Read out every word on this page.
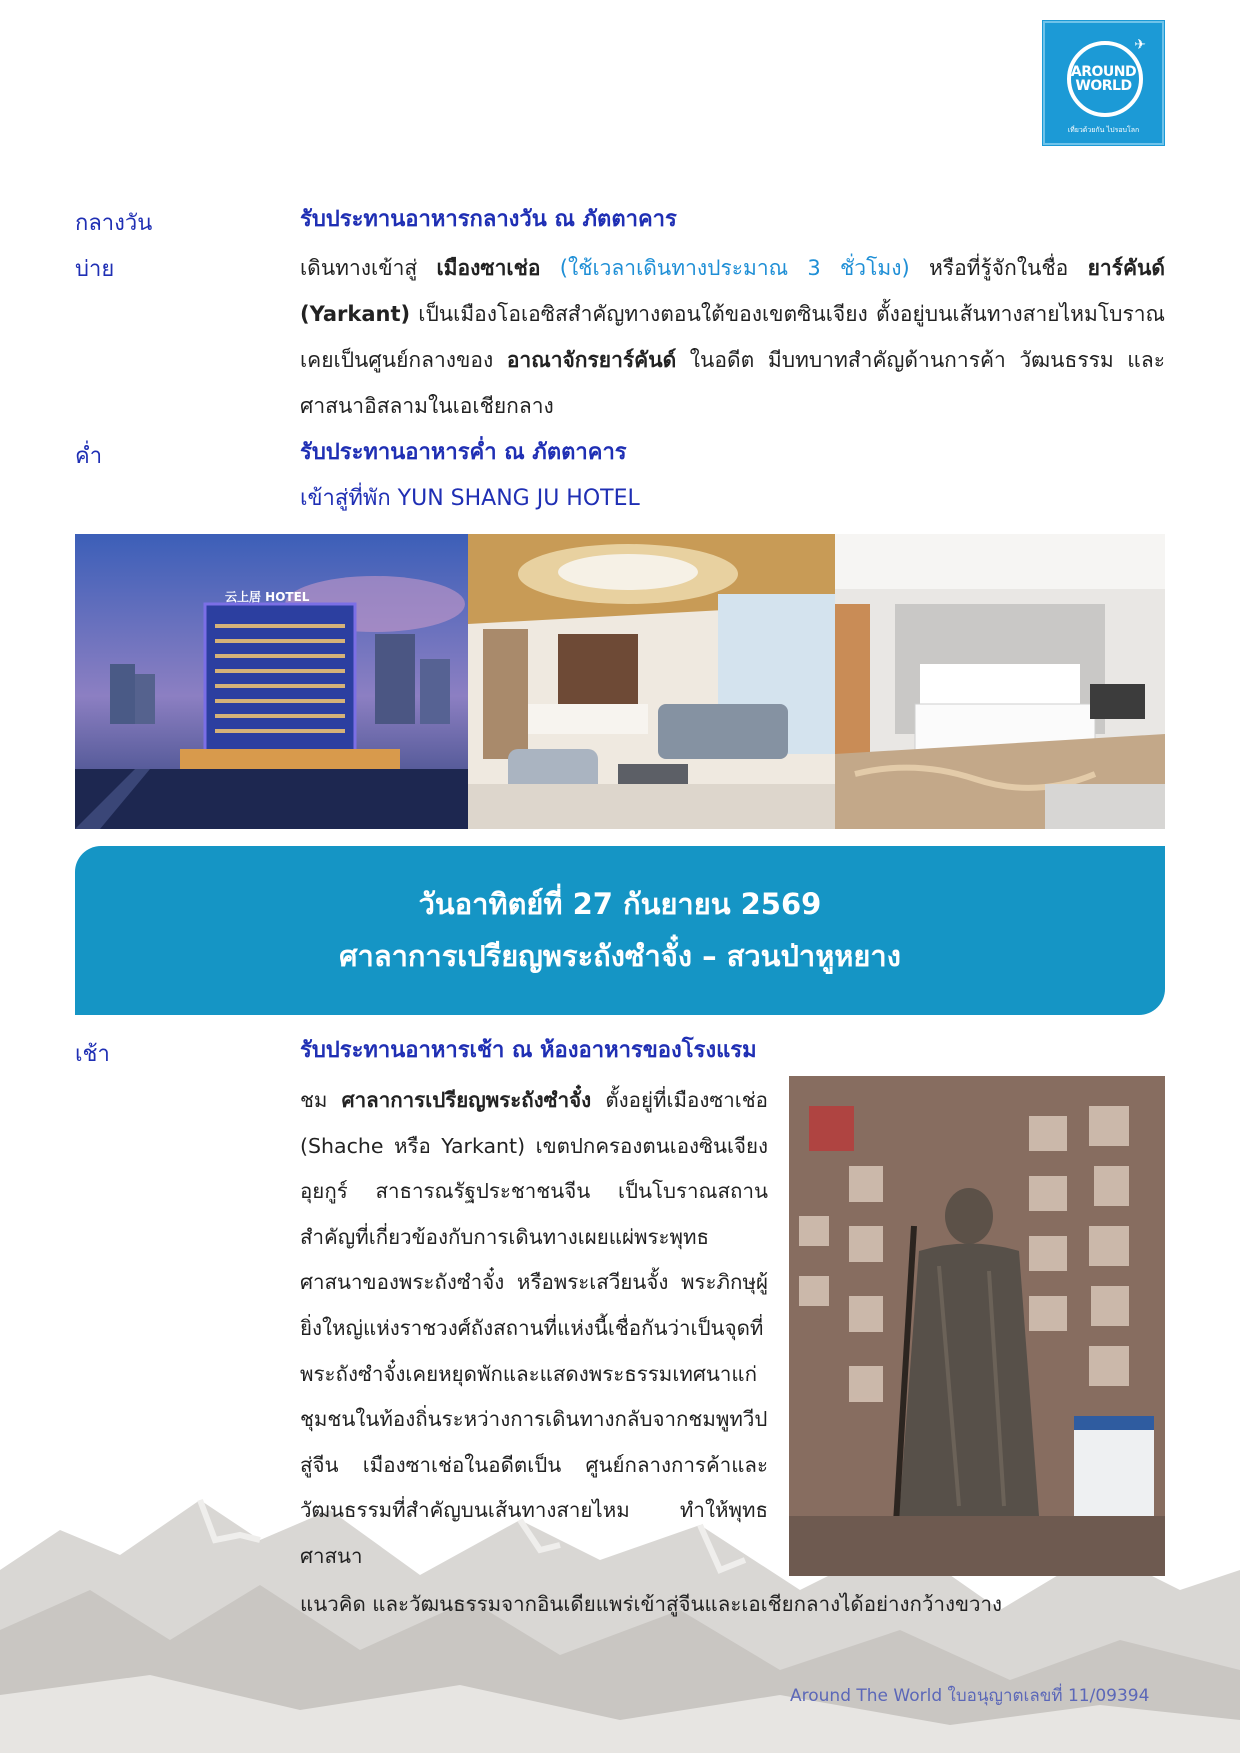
✈
AROUND
WORLD
เที่ยวด้วยกัน ไปรอบโลก
กลางวัน	รับประทานอาหารกลางวัน ณ ภัตตาคาร
บ่าย	เดินทางเข้าสู่ เมืองซาเช่อ (ใช้เวลาเดินทางประมาณ 3 ชั่วโมง) หรือที่รู้จักในชื่อ ยาร์คันด์ (Yarkant) เป็นเมืองโอเอซิสสำคัญทางตอนใต้ของเขตซินเจียง ตั้งอยู่บนเส้นทางสายไหมโบราณ เคยเป็นศูนย์กลางของ อาณาจักรยาร์คันด์ ในอดีต มีบทบาทสำคัญด้านการค้า วัฒนธรรม และศาสนาอิสลามในเอเชียกลาง
ค่ำ	รับประทานอาหารค่ำ ณ ภัตตาคาร
เข้าสู่ที่พัก YUN SHANG JU HOTEL
云上居 HOTEL
วันอาทิตย์ที่ 27 กันยายน 2569
ศาลาการเปรียญพระถังซำจั๋ง – สวนป่าหูหยาง
เช้า	รับประทานอาหารเช้า ณ ห้องอาหารของโรงแรม
ชม ศาลาการเปรียญพระถังซำจั๋ง ตั้งอยู่ที่เมืองซาเช่อ (Shache หรือ Yarkant) เขตปกครองตนเองซินเจียงอุยกูร์ สาธารณรัฐประชาชนจีน เป็นโบราณสถานสำคัญที่เกี่ยวข้องกับการเดินทางเผยแผ่พระพุทธศาสนาของพระถังซำจั๋ง หรือพระเสวียนจั้ง พระภิกษุผู้ยิ่งใหญ่แห่งราชวงศ์ถังสถานที่แห่งนี้เชื่อกันว่าเป็นจุดที่พระถังซำจั๋งเคยหยุดพักและแสดงพระธรรมเทศนาแก่ชุมชนในท้องถิ่นระหว่างการเดินทางกลับจากชมพูทวีปสู่จีน เมืองซาเช่อในอดีตเป็น ศูนย์กลางการค้าและวัฒนธรรมที่สำคัญบนเส้นทางสายไหม ทำให้พุทธศาสนา
แนวคิด และวัฒนธรรมจากอินเดียแพร่เข้าสู่จีนและเอเชียกลางได้อย่างกว้างขวาง
Around The World ใบอนุญาตเลขที่ 11/09394
